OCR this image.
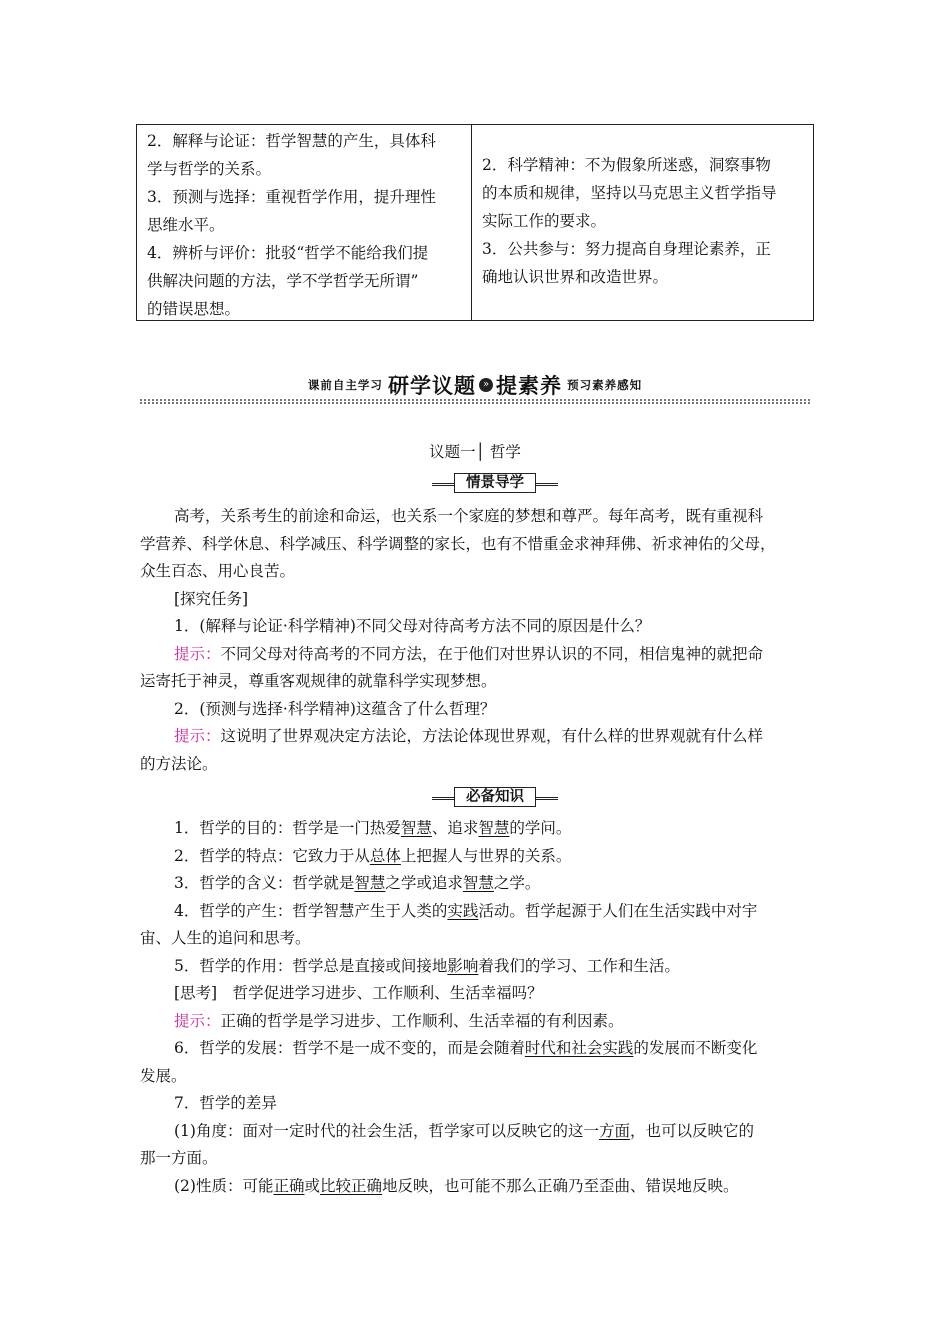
2．解释与论证：哲学智慧的产生，具体科
学与哲学的关系。
3．预测与选择：重视哲学作用，提升理性
思维水平。
4．辨析与评价：批驳“哲学不能给我们提
供解决问题的方法，学不学哲学无所谓”
的错误思想。
2．科学精神：不为假象所迷惑，洞察事物
的本质和规律，坚持以马克思主义哲学指导
实际工作的要求。
3．公共参与：努力提高自身理论素养，正
确地认识世界和改造世界。
课前自主学习 研学议题 » 提素养 预习素养感知
议题一│ 哲学
情景导学

高考，关系考生的前途和命运，也关系一个家庭的梦想和尊严。每年高考，既有重视科

学营养、科学休息、科学减压、科学调整的家长，也有不惜重金求神拜佛、祈求神佑的父母，

众生百态、用心良苦。

[探究任务]

1．(解释与论证·科学精神)不同父母对待高考方法不同的原因是什么？

提示：不同父母对待高考的不同方法，在于他们对世界认识的不同，相信鬼神的就把命

运寄托于神灵，尊重客观规律的就靠科学实现梦想。

2．(预测与选择·科学精神)这蕴含了什么哲理？

提示：这说明了世界观决定方法论，方法论体现世界观，有什么样的世界观就有什么样

的方法论。

必备知识

1．哲学的目的：哲学是一门热爱智慧、追求智慧的学问。

2．哲学的特点：它致力于从总体上把握人与世界的关系。

3．哲学的含义：哲学就是智慧之学或追求智慧之学。

4．哲学的产生：哲学智慧产生于人类的实践活动。哲学起源于人们在生活实践中对宇

宙、人生的追问和思考。

5．哲学的作用：哲学总是直接或间接地影响着我们的学习、工作和生活。

[思考]　哲学促进学习进步、工作顺利、生活幸福吗？

提示：正确的哲学是学习进步、工作顺利、生活幸福的有利因素。

6．哲学的发展：哲学不是一成不变的，而是会随着时代和社会实践的发展而不断变化

发展。

7．哲学的差异

(1)角度：面对一定时代的社会生活，哲学家可以反映它的这一方面，也可以反映它的

那一方面。

(2)性质：可能正确或比较正确地反映，也可能不那么正确乃至歪曲、错误地反映。
